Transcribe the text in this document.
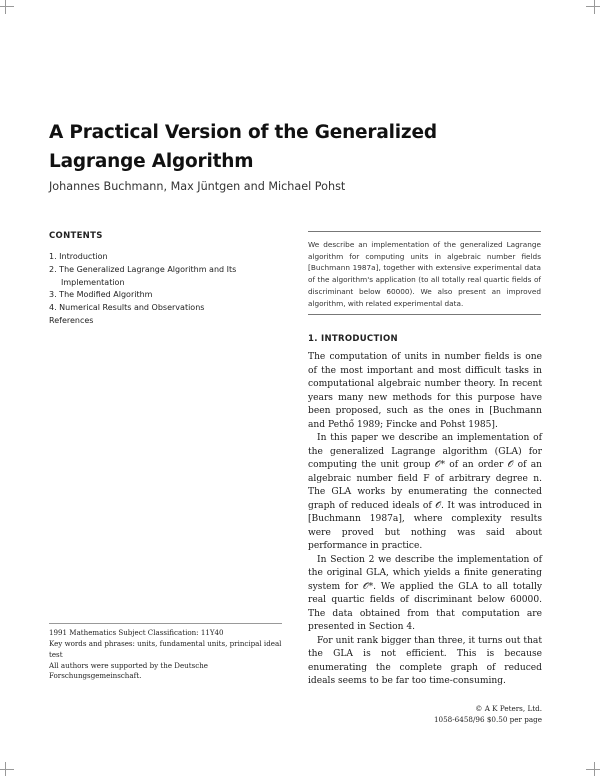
A Practical Version of the Generalized Lagrange Algorithm

Johannes Buchmann, Max Jüntgen and Michael Pohst

CONTENTS
1. Introduction
2. The Generalized Lagrange Algorithm and Its
Implementation
3. The Modified Algorithm
4. Numerical Results and Observations
References
We describe an implementation of the generalized Lagrange algorithm for computing units in algebraic number fields [Buchmann 1987a], together with extensive experimental data of the algorithm's application (to all totally real quartic fields of discriminant below 60000). We also present an improved algorithm, with related experimental data.
1. INTRODUCTION

The computation of units in number fields is one of the most important and most difficult tasks in computational algebraic number theory. In recent years many new methods for this purpose have been proposed, such as the ones in [Buchmann and Pethő 1989; Fincke and Pohst 1985].

In this paper we describe an implementation of the generalized Lagrange algorithm (GLA) for computing the unit group 𝒪* of an order 𝒪 of an algebraic number field F of arbitrary degree n. The GLA works by enumerating the connected graph of reduced ideals of 𝒪. It was introduced in [Buchmann 1987a], where complexity results were proved but nothing was said about performance in practice.

In Section 2 we describe the implementation of the original GLA, which yields a finite generating system for 𝒪*. We applied the GLA to all totally real quartic fields of discriminant below 60000. The data obtained from that computation are presented in Section 4.

For unit rank bigger than three, it turns out that the GLA is not efficient. This is because enumerating the complete graph of reduced ideals seems to be far too time-consuming.

1991 Mathematics Subject Classification: 11Y40

Key words and phrases: units, fundamental units, principal ideal test

All authors were supported by the Deutsche Forschungsgemeinschaft.

© A K Peters, Ltd.
1058-6458/96 $0.50 per page
